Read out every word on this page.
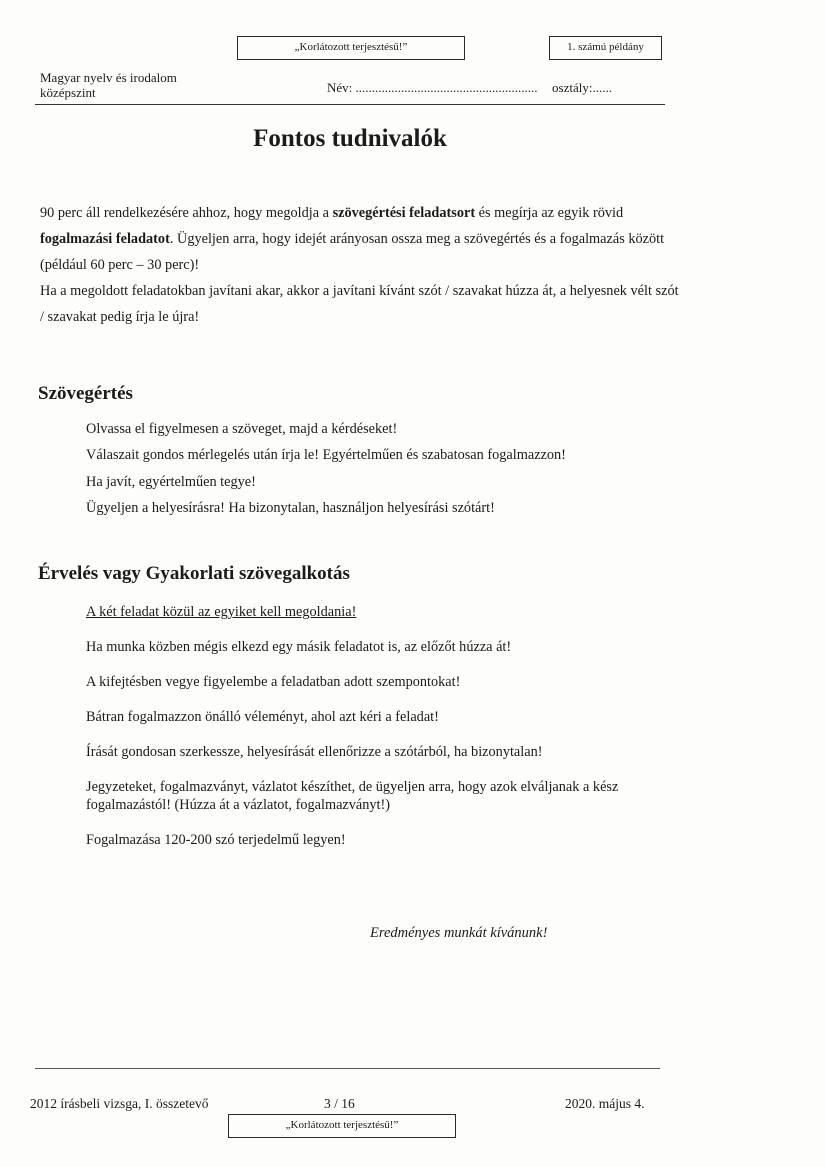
„Korlátozott terjesztésű!”	1. számú példány
Magyar nyelv és irodalom
középszint	Név: ........................................................ osztály:......
Fontos tudnivalók

90 perc áll rendelkezésére ahhoz, hogy megoldja a szövegértési feladatsort és megírja az egyik rövid fogalmazási feladatot. Ügyeljen arra, hogy idejét arányosan ossza meg a szövegértés és a fogalmazás között (például 60 perc – 30 perc)!

Ha a megoldott feladatokban javítani akar, akkor a javítani kívánt szót / szavakat húzza át, a helyesnek vélt szót / szavakat pedig írja le újra!

Szövegértés
Olvassa el figyelmesen a szöveget, majd a kérdéseket!
Válaszait gondos mérlegelés után írja le! Egyértelműen és szabatosan fogalmazzon!
Ha javít, egyértelműen tegye!
Ügyeljen a helyesírásra! Ha bizonytalan, használjon helyesírási szótárt!
Érvelés vagy Gyakorlati szövegalkotás
A két feladat közül az egyiket kell megoldania!
Ha munka közben mégis elkezd egy másik feladatot is, az előzőt húzza át!
A kifejtésben vegye figyelembe a feladatban adott szempontokat!
Bátran fogalmazzon önálló véleményt, ahol azt kéri a feladat!
Írását gondosan szerkessze, helyesírását ellenőrizze a szótárból, ha bizonytalan!
Jegyzeteket, fogalmazványt, vázlatot készíthet, de ügyeljen arra, hogy azok elváljanak a kész fogalmazástól! (Húzza át a vázlatot, fogalmazványt!)
Fogalmazása 120-200 szó terjedelmű legyen!
Eredményes munkát kívánunk!
2012 írásbeli vizsga, I. összetevő	3 / 16	2020. május 4.
„Korlátozott terjesztésű!”
